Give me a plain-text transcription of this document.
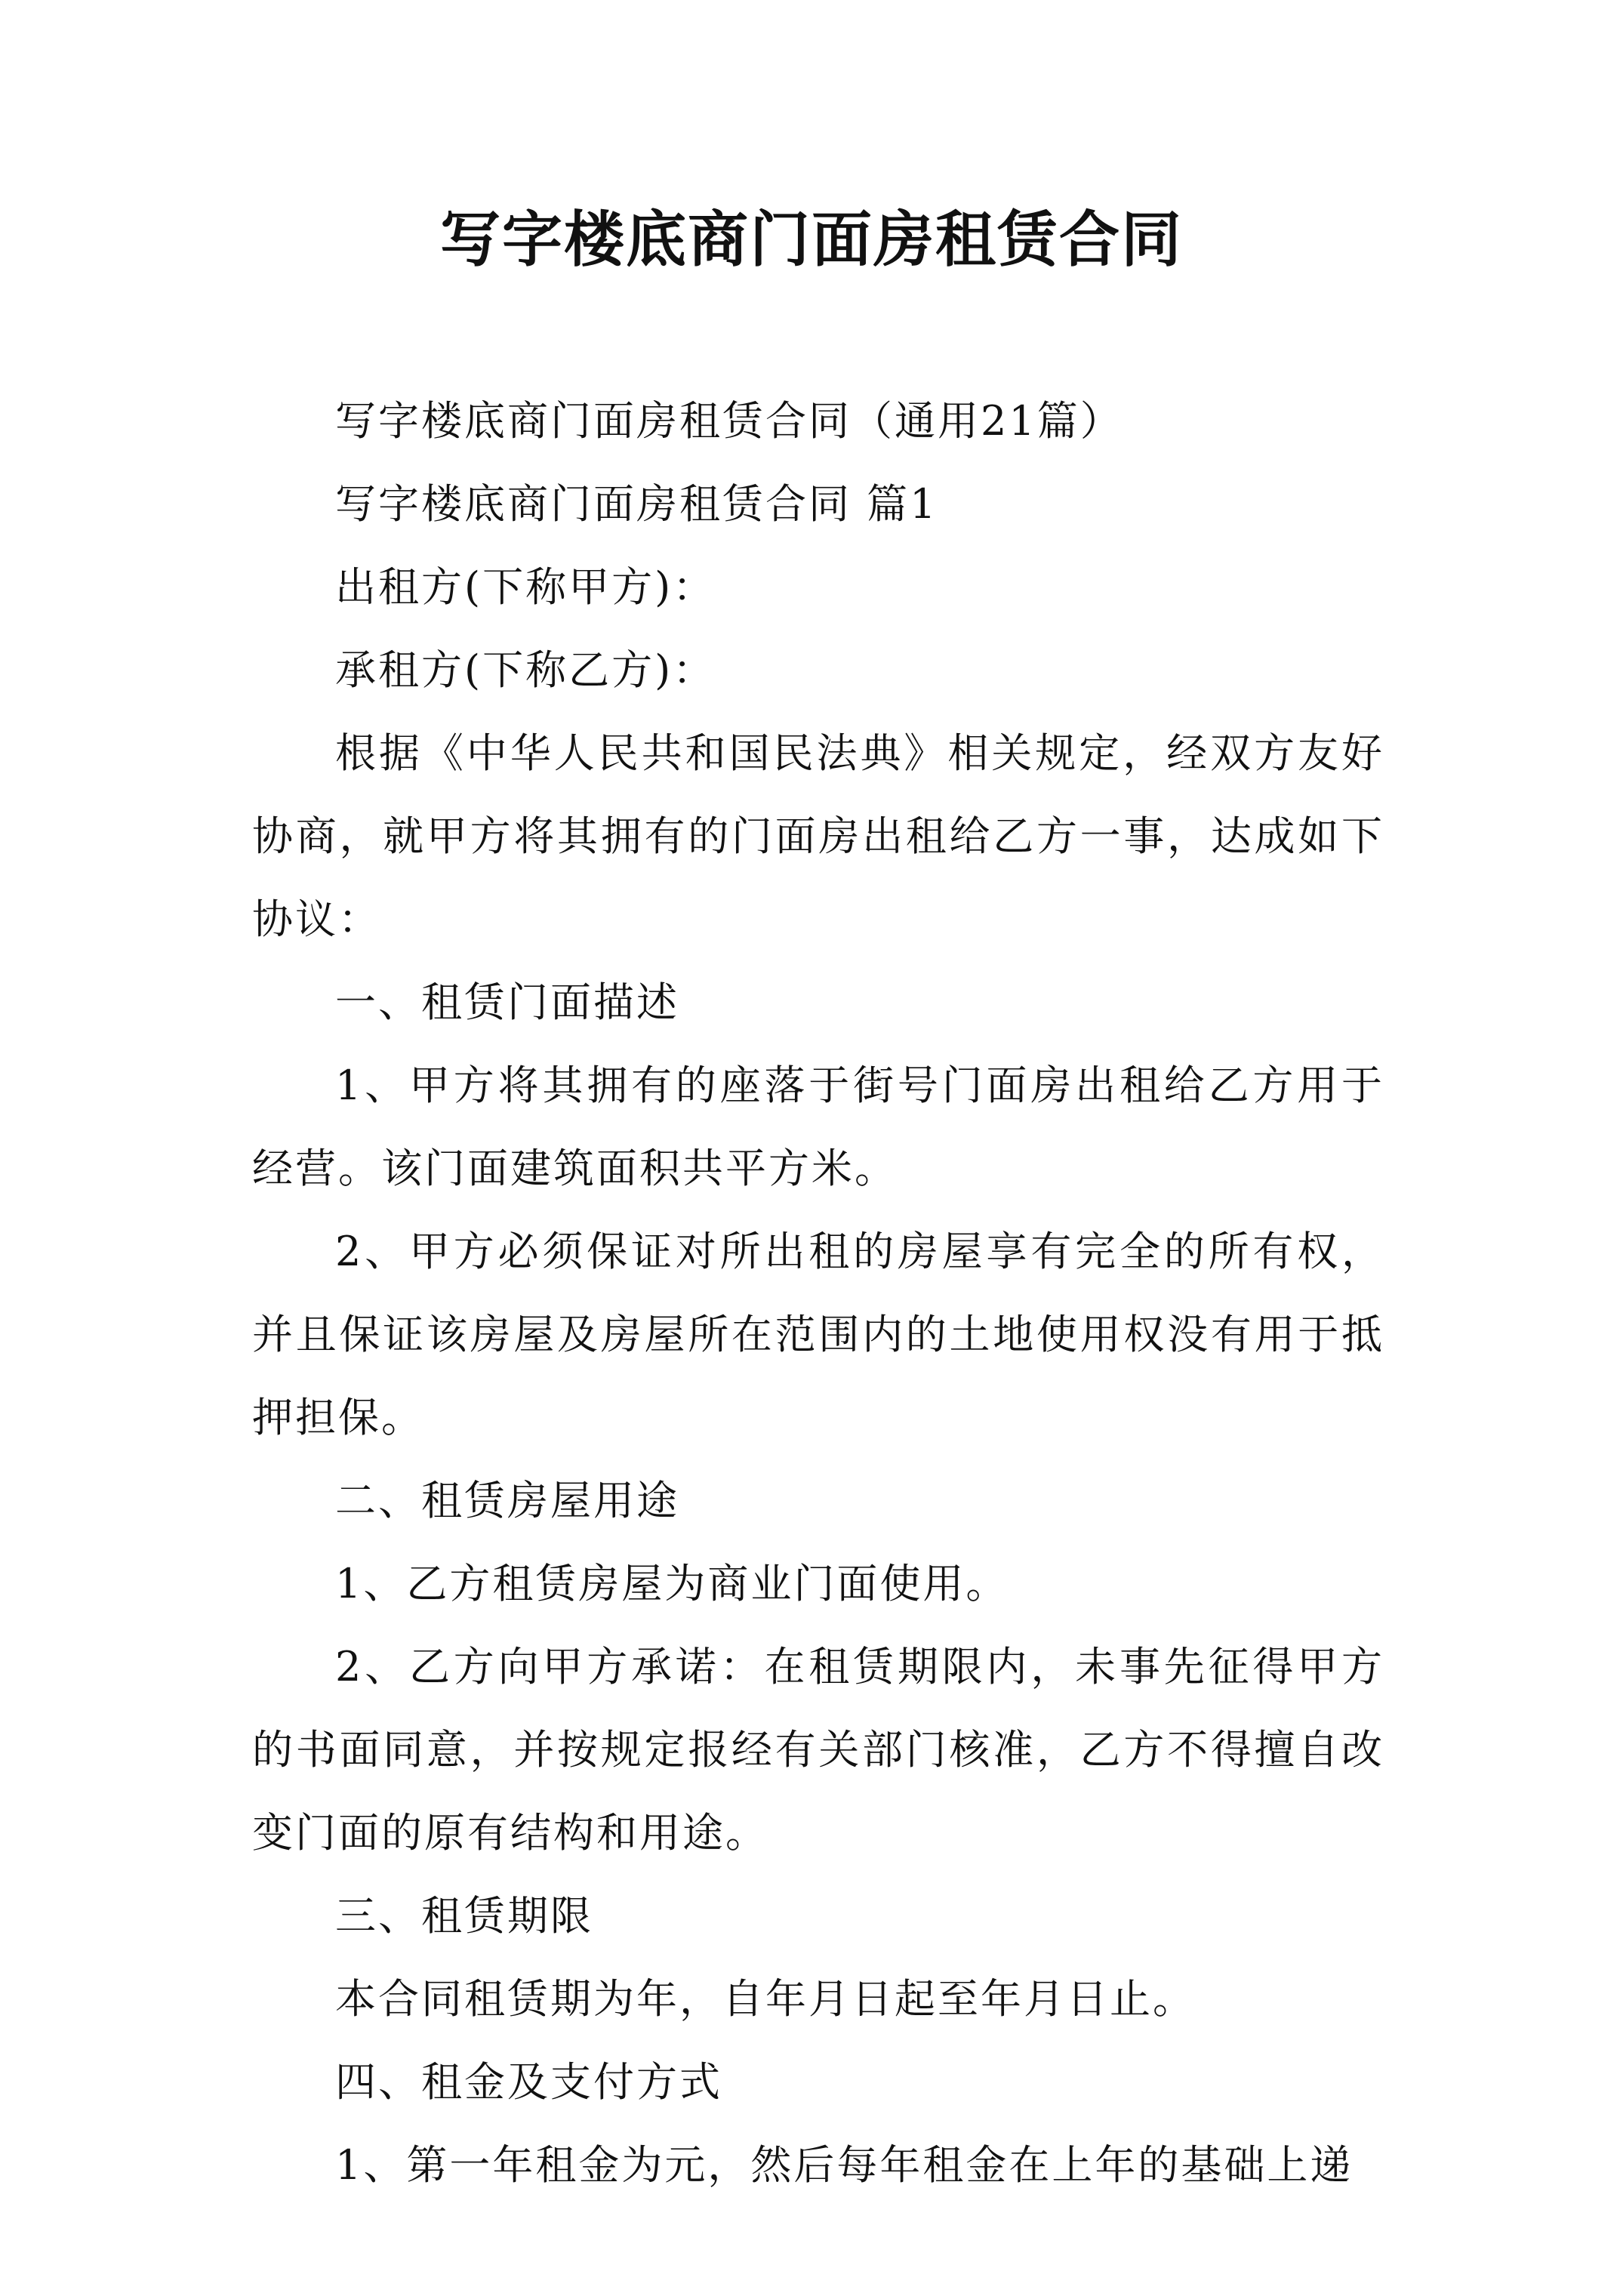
写字楼底商门面房租赁合同

写字楼底商门面房租赁合同（通用21篇）

写字楼底商门面房租赁合同 篇1

出租方(下称甲方)：

承租方(下称乙方)：

根据《中华人民共和国民法典》相关规定，经双方友好协商，就甲方将其拥有的门面房出租给乙方一事，达成如下协议：

一、租赁门面描述

1、甲方将其拥有的座落于街号门面房出租给乙方用于经营。该门面建筑面积共平方米。

2、甲方必须保证对所出租的房屋享有完全的所有权，并且保证该房屋及房屋所在范围内的土地使用权没有用于抵押担保。

二、租赁房屋用途

1、乙方租赁房屋为商业门面使用。

2、乙方向甲方承诺：在租赁期限内，未事先征得甲方的书面同意，并按规定报经有关部门核准，乙方不得擅自改变门面的原有结构和用途。

三、租赁期限

本合同租赁期为年，自年月日起至年月日止。

四、租金及支付方式

1、第一年租金为元，然后每年租金在上年的基础上递
